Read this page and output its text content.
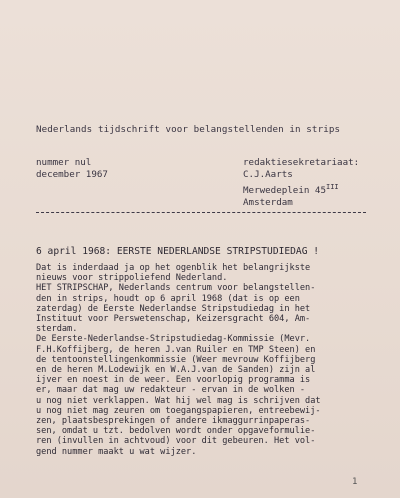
Nederlands tijdschrift voor belangstellenden in strips
nummer nul
december 1967
redaktiesekretariaat:
C.J.Aarts
Merwedeplein $45^{III}$
Amsterdam
6 april 1968: EERSTE NEDERLANDSE STRIPSTUDIEDAG !
Dat is inderdaad ja op het ogenblik het belangrijkste
nieuws voor strippoliefend Nederland.
HET STRIPSCHAP, Nederlands centrum voor belangstellen-
den in strips, houdt op 6 april 1968 (dat is op een
zaterdag) de Eerste Nederlandse Stripstudiedag in het
Instituut voor Perswetenschap, Keizersgracht 604, Am-
sterdam.
De Eerste-Nederlandse-Stripstudiedag-Kommissie (Mevr.
F.H.Koffijberg, de heren J.van Ruiler en TMP Steen) en
de tentoonstellingenkommissie (Weer mevrouw Koffijberg
en de heren M.Lodewijk en W.A.J.van de Sanden) zijn al
ijver en noest in de weer. Een voorlopig programma is
er, maar dat mag uw redakteur - ervan in de wolken -
u nog niet verklappen. Wat hij wel mag is schrijven dat
u nog niet mag zeuren om toegangspapieren, entreebewij-
zen, plaatsbesprekingen of andere ikmaggurrinpaperas-
sen, omdat u tzt. bedolven wordt onder opgaveformulie-
ren (invullen in achtvoud) voor dit gebeuren. Het vol-
gend nummer maakt u wat wijzer.
1
